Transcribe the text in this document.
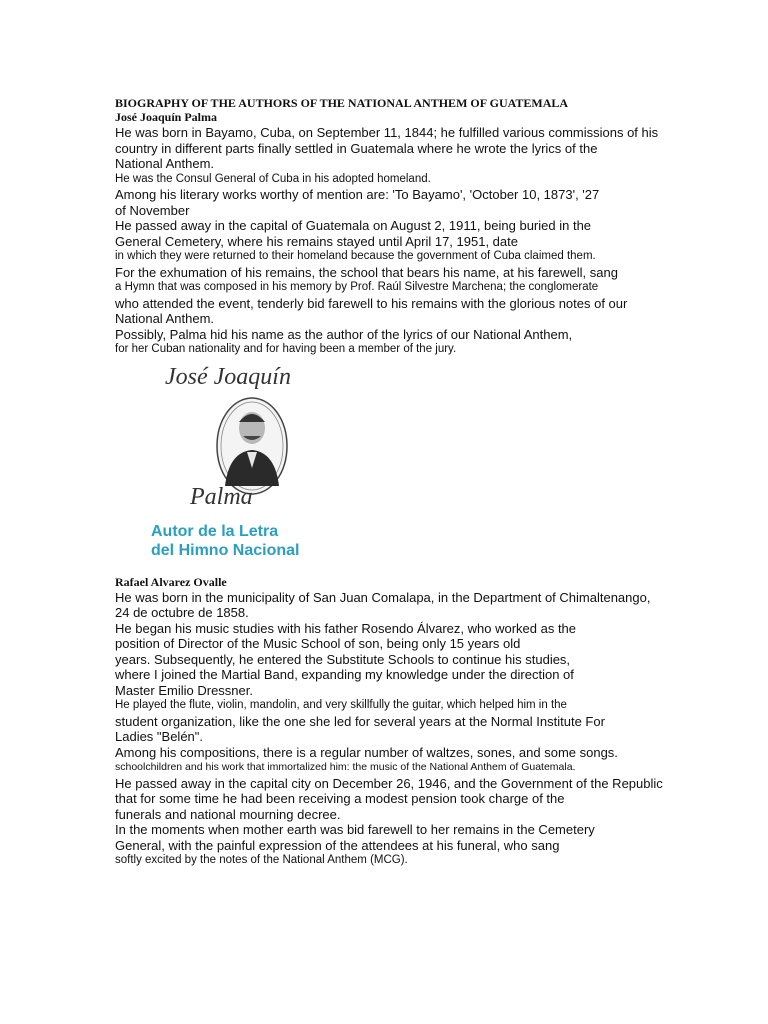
BIOGRAPHY OF THE AUTHORS OF THE NATIONAL ANTHEM OF GUATEMALA
José Joaquín Palma
He was born in Bayamo, Cuba, on September 11, 1844; he fulfilled various commissions of his
country in different parts finally settled in Guatemala where he wrote the lyrics of the
National Anthem.
He was the Consul General of Cuba in his adopted homeland.
Among his literary works worthy of mention are: 'To Bayamo', 'October 10, 1873', '27
of November
He passed away in the capital of Guatemala on August 2, 1911, being buried in the
General Cemetery, where his remains stayed until April 17, 1951, date
in which they were returned to their homeland because the government of Cuba claimed them.
For the exhumation of his remains, the school that bears his name, at his farewell, sang
a Hymn that was composed in his memory by Prof. Raúl Silvestre Marchena; the conglomerate
who attended the event, tenderly bid farewell to his remains with the glorious notes of our
National Anthem.
Possibly, Palma hid his name as the author of the lyrics of our National Anthem,
for her Cuban nationality and for having been a member of the jury.
José Joaquín
Palma
Autor de la Letra
del Himno Nacional
Rafael Alvarez Ovalle
He was born in the municipality of San Juan Comalapa, in the Department of Chimaltenango,
24 de octubre de 1858.
He began his music studies with his father Rosendo Álvarez, who worked as the
position of Director of the Music School of son, being only 15 years old
years. Subsequently, he entered the Substitute Schools to continue his studies,
where I joined the Martial Band, expanding my knowledge under the direction of
Master Emilio Dressner.
He played the flute, violin, mandolin, and very skillfully the guitar, which helped him in the
student organization, like the one she led for several years at the Normal Institute For
Ladies "Belén".
Among his compositions, there is a regular number of waltzes, sones, and some songs.
schoolchildren and his work that immortalized him: the music of the National Anthem of Guatemala.
He passed away in the capital city on December 26, 1946, and the Government of the Republic
that for some time he had been receiving a modest pension took charge of the
funerals and national mourning decree.
In the moments when mother earth was bid farewell to her remains in the Cemetery
General, with the painful expression of the attendees at his funeral, who sang
softly excited by the notes of the National Anthem (MCG).
